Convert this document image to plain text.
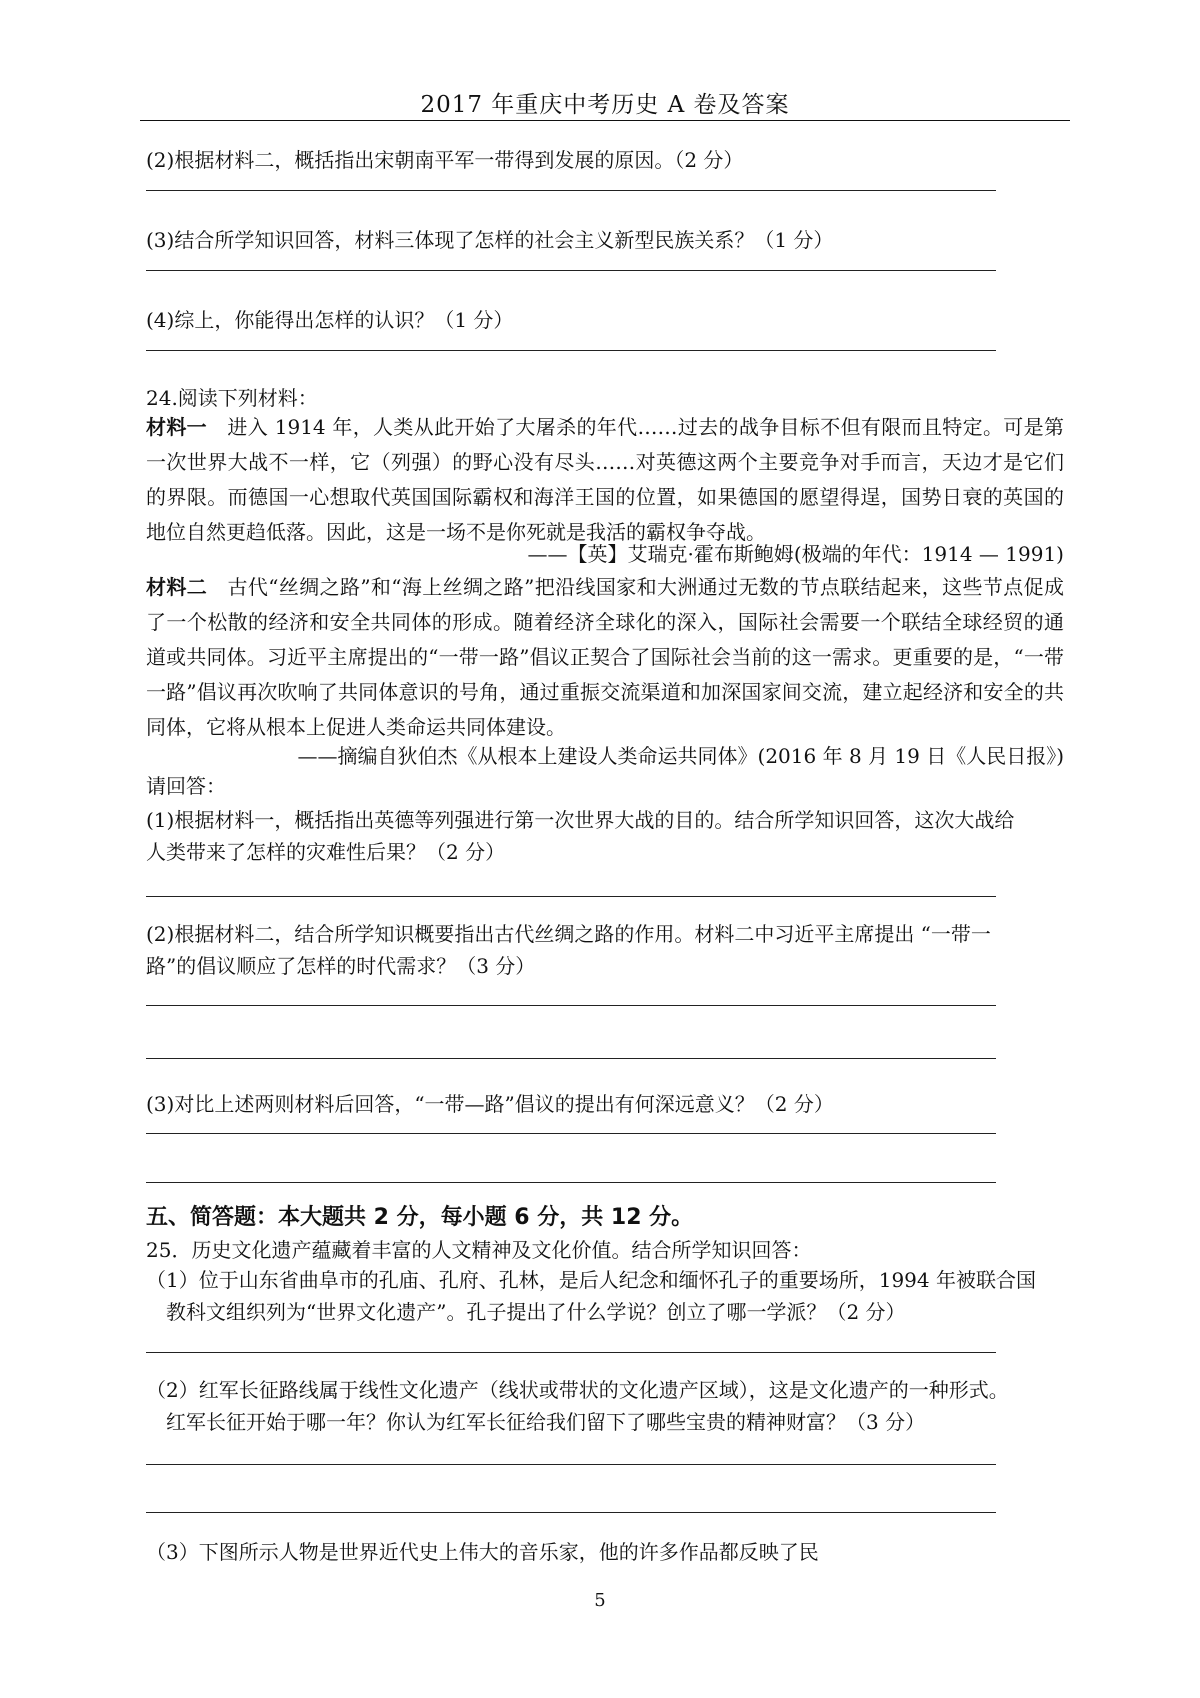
2017 年重庆中考历史 A 卷及答案
(2)根据材料二，概括指出宋朝南平军一带得到发展的原因。（2 分）
(3)结合所学知识回答，材料三体现了怎样的社会主义新型民族关系？（1 分）
(4)综上，你能得出怎样的认识？（1 分）
24.阅读下列材料：
材料一　进入 1914 年，人类从此开始了大屠杀的年代……过去的战争目标不但有限而且特定。可是第一次世界大战不一样，它（列强）的野心没有尽头……对英德这两个主要竞争对手而言，天边才是它们的界限。而德国一心想取代英国国际霸权和海洋王国的位置，如果德国的愿望得逞，国势日衰的英国的地位自然更趋低落。因此，这是一场不是你死就是我活的霸权争夺战。
——【英】艾瑞克·霍布斯鲍姆(极端的年代：1914 — 1991)
材料二　古代“丝绸之路”和“海上丝绸之路”把沿线国家和大洲通过无数的节点联结起来，这些节点促成了一个松散的经济和安全共同体的形成。随着经济全球化的深入，国际社会需要一个联结全球经贸的通道或共同体。习近平主席提出的“一带一路”倡议正契合了国际社会当前的这一需求。更重要的是，“一带一路”倡议再次吹响了共同体意识的号角，通过重振交流渠道和加深国家间交流，建立起经济和安全的共同体，它将从根本上促进人类命运共同体建设。
——摘编自狄伯杰《从根本上建设人类命运共同体》(2016 年 8 月 19 日《人民日报》)
请回答：
(1)根据材料一，概括指出英德等列强进行第一次世界大战的目的。结合所学知识回答，这次大战给
人类带来了怎样的灾难性后果？（2 分）
(2)根据材料二，结合所学知识概要指出古代丝绸之路的作用。材料二中习近平主席提出 “一带一
路”的倡议顺应了怎样的时代需求？（3 分）
(3)对比上述两则材料后回答，“一带—路”倡议的提出有何深远意义？（2 分）
五、简答题：本大题共 2 分，每小题 6 分，共 12 分。
25．历史文化遗产蕴藏着丰富的人文精神及文化价值。结合所学知识回答：
（1）位于山东省曲阜市的孔庙、孔府、孔林，是后人纪念和缅怀孔子的重要场所，1994 年被联合国
教科文组织列为“世界文化遗产”。孔子提出了什么学说？创立了哪一学派？（2 分）
（2）红军长征路线属于线性文化遗产（线状或带状的文化遗产区域），这是文化遗产的一种形式。
红军长征开始于哪一年？你认为红军长征给我们留下了哪些宝贵的精神财富？（3 分）
（3）下图所示人物是世界近代史上伟大的音乐家，他的许多作品都反映了民
5
